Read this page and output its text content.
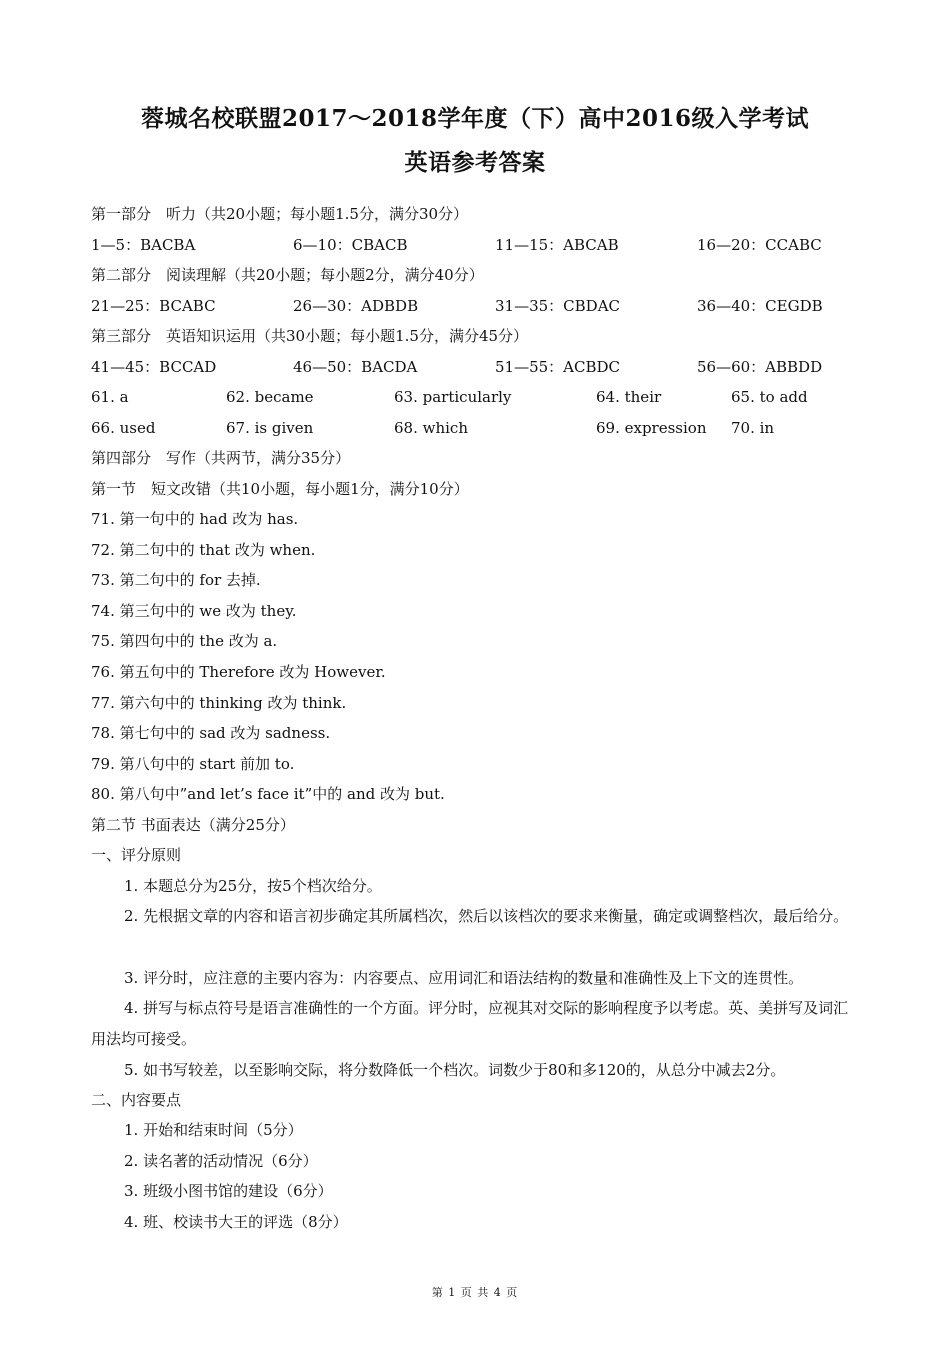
蓉城名校联盟2017～2018学年度（下）高中2016级入学考试
英语参考答案
第一部分　听力（共20小题；每小题1.5分，满分30分）
1—5：BACBA	6—10：CBACB	11—15：ABCAB	16—20：CCABC
第二部分　阅读理解（共20小题；每小题2分，满分40分）
21—25：BCABC	26—30：ADBDB	31—35：CBDAC	36—40：CEGDB
第三部分　英语知识运用（共30小题；每小题1.5分，满分45分）
41—45：BCCAD	46—50：BACDA	51—55：ACBDC	56—60：ABBDD
61. a	62. became	63. particularly	64. their	65. to add
66. used	67. is given	68. which	69. expression 70. in
第四部分　写作（共两节，满分35分）
第一节　短文改错（共10小题，每小题1分，满分10分）
71. 第一句中的 had 改为 has.
72. 第二句中的 that 改为 when.
73. 第二句中的 for 去掉.
74. 第三句中的 we 改为 they.
75. 第四句中的 the 改为 a.
76. 第五句中的 Therefore 改为 However.
77. 第六句中的 thinking 改为 think.
78. 第七句中的 sad 改为 sadness.
79. 第八句中的 start 前加 to.
80. 第八句中”and let’s face it”中的 and 改为 but.
第二节 书面表达（满分25分）
一、评分原则
1. 本题总分为25分，按5个档次给分。
2. 先根据文章的内容和语言初步确定其所属档次，然后以该档次的要求来衡量，确定或调整档次，最后给分。
3. 评分时，应注意的主要内容为：内容要点、应用词汇和语法结构的数量和准确性及上下文的连贯性。
4. 拼写与标点符号是语言准确性的一个方面。评分时，应视其对交际的影响程度予以考虑。英、美拼写及词汇用法均可接受。
5. 如书写较差，以至影响交际，将分数降低一个档次。词数少于80和多120的，从总分中减去2分。
二、内容要点
1. 开始和结束时间（5分）
2. 读名著的活动情况（6分）
3. 班级小图书馆的建设（6分）
4. 班、校读书大王的评选（8分）
第 1 页 共 4 页
